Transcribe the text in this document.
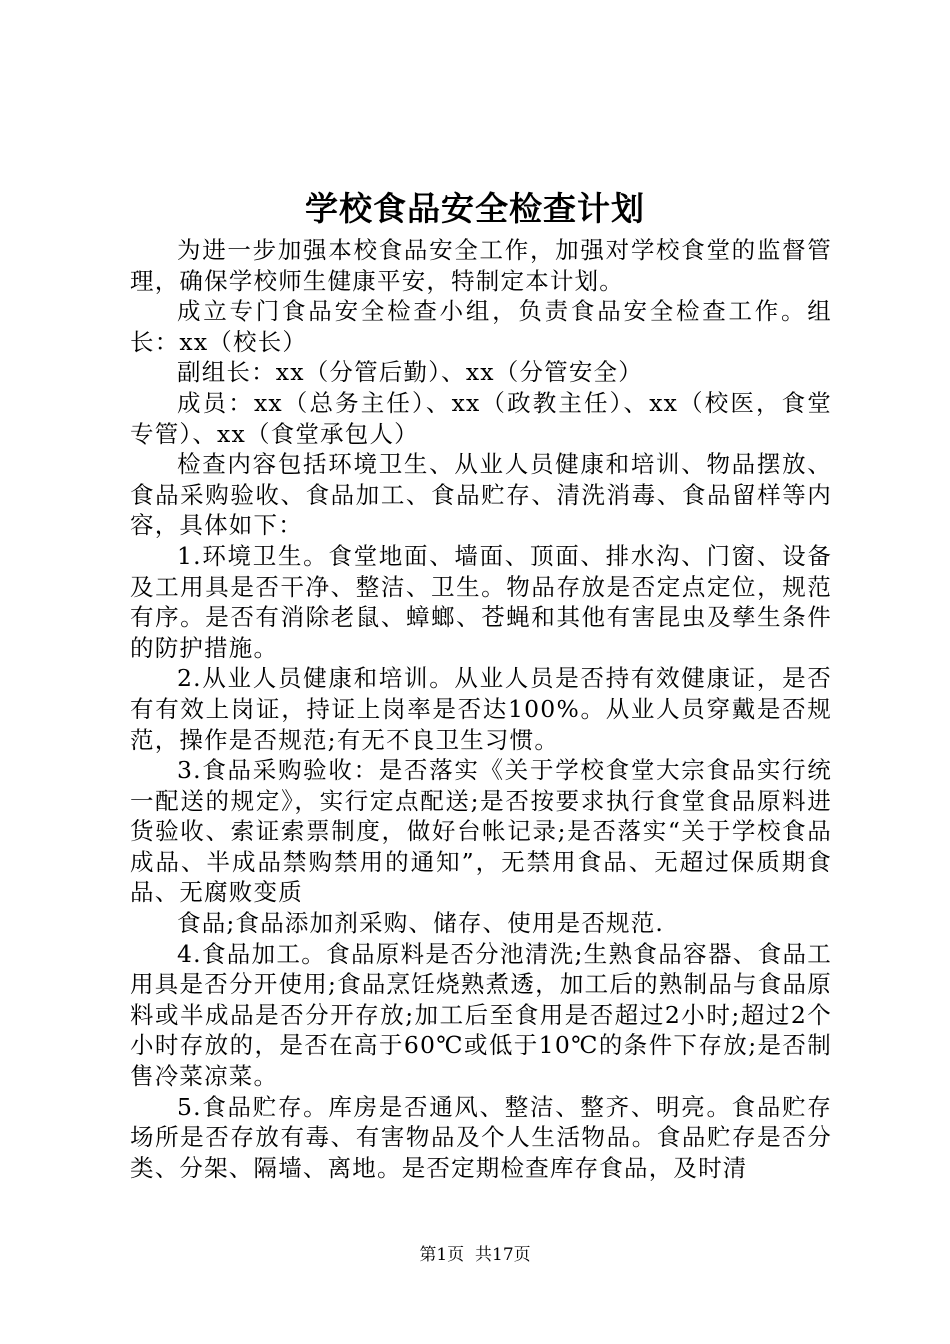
学校食品安全检查计划

为进一步加强本校食品安全工作，加强对学校食堂的监督管理，确保学校师生健康平安，特制定本计划。

成立专门食品安全检查小组，负责食品安全检查工作。组长：xx（校长）

副组长：xx（分管后勤）、xx（分管安全）

成员：xx（总务主任）、xx（政教主任）、xx（校医，食堂专管）、xx（食堂承包人）

检查内容包括环境卫生、从业人员健康和培训、物品摆放、食品采购验收、食品加工、食品贮存、清洗消毒、食品留样等内容，具体如下：

1.环境卫生。食堂地面、墙面、顶面、排水沟、门窗、设备及工用具是否干净、整洁、卫生。物品存放是否定点定位，规范有序。是否有消除老鼠、蟑螂、苍蝇和其他有害昆虫及孳生条件的防护措施。

2.从业人员健康和培训。从业人员是否持有效健康证，是否有有效上岗证，持证上岗率是否达100%。从业人员穿戴是否规范，操作是否规范;有无不良卫生习惯。

3.食品采购验收：是否落实《关于学校食堂大宗食品实行统一配送的规定》，实行定点配送;是否按要求执行食堂食品原料进货验收、索证索票制度，做好台帐记录;是否落实“关于学校食品成品、半成品禁购禁用的通知”，无禁用食品、无超过保质期食品、无腐败变质

食品;食品添加剂采购、储存、使用是否规范.

4.食品加工。食品原料是否分池清洗;生熟食品容器、食品工用具是否分开使用;食品烹饪烧熟煮透，加工后的熟制品与食品原料或半成品是否分开存放;加工后至食用是否超过2小时;超过2个小时存放的，是否在高于60℃或低于10℃的条件下存放;是否制售冷菜凉菜。

5.食品贮存。库房是否通风、整洁、整齐、明亮。食品贮存场所是否存放有毒、有害物品及个人生活物品。食品贮存是否分类、分架、隔墙、离地。是否定期检查库存食品，及时清

第1页 共17页
